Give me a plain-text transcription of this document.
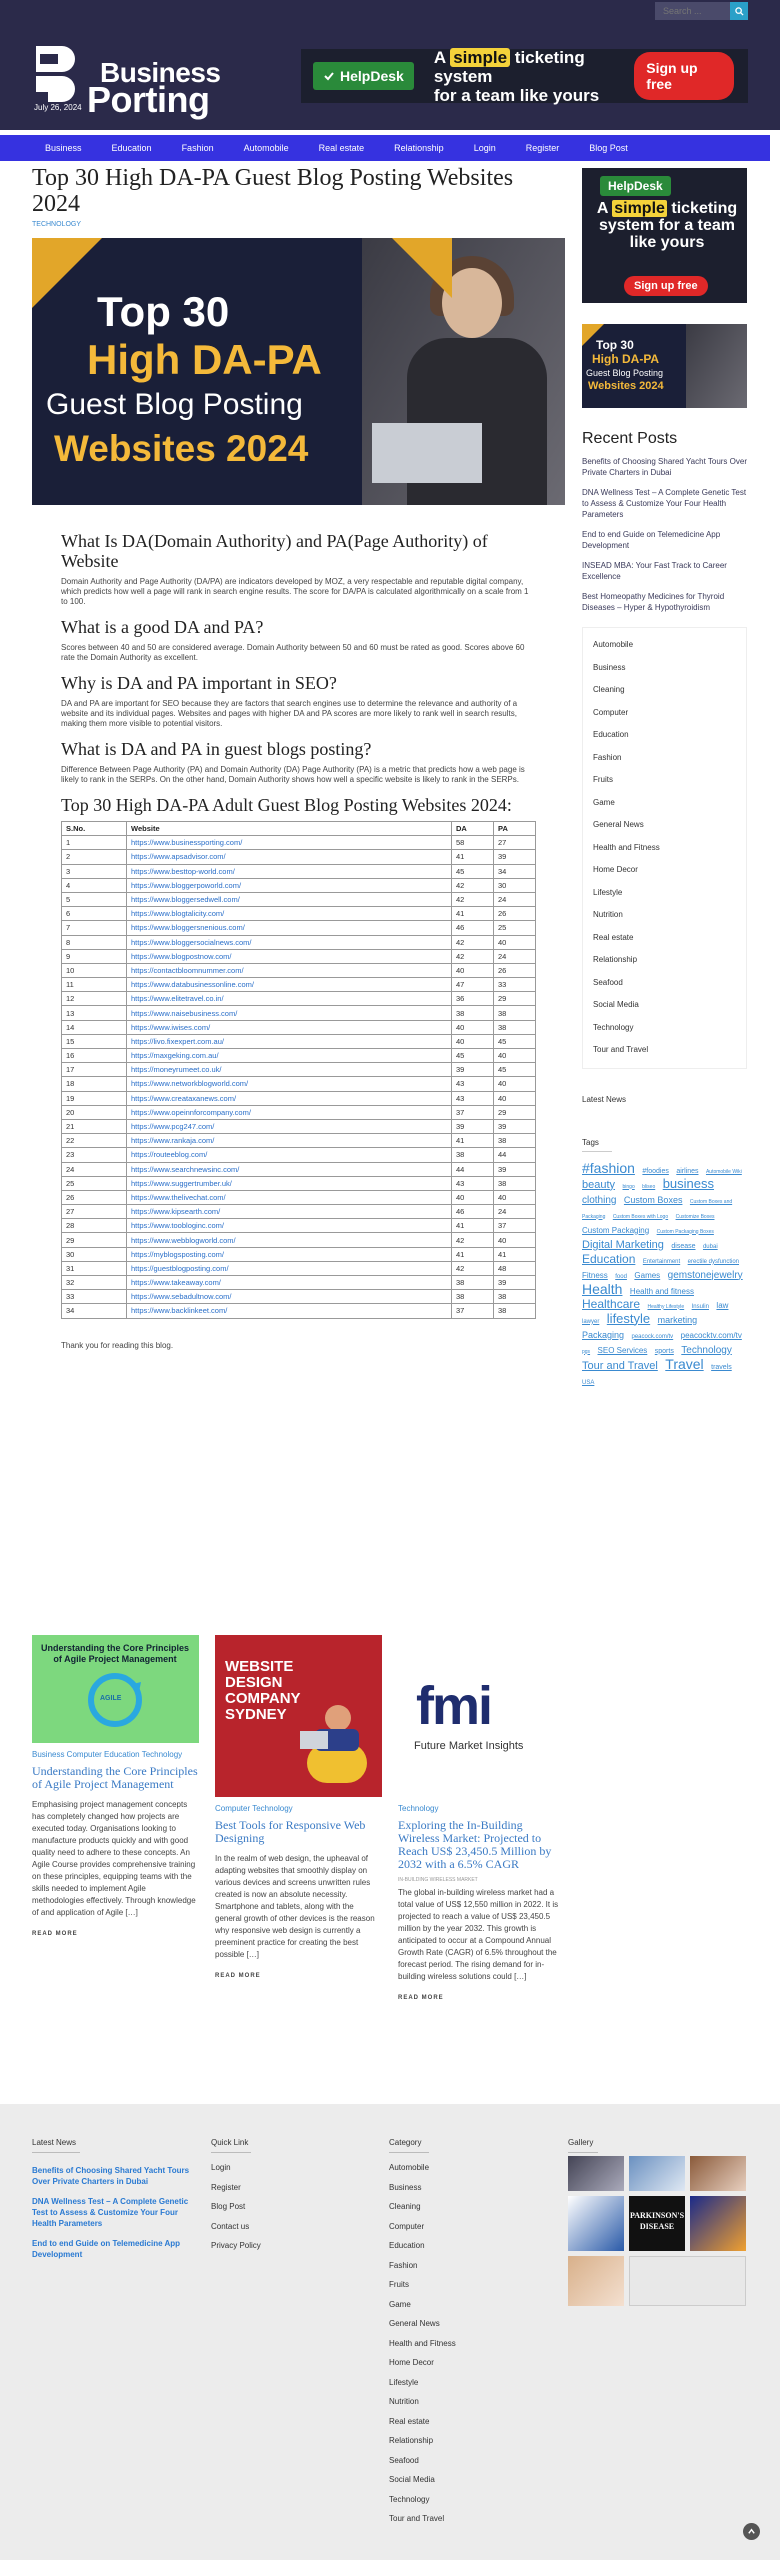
Search ...
Business
Porting
July 26, 2024
HelpDesk
A simple ticketing system
for a team like yours
Sign up free
Business	Education	Fashion	Automobile	Real estate	Relationship	Login	Register	Blog Post
Top 30 High DA-PA Guest Blog Posting Websites 2024
TECHNOLOGY
Top 30
High DA-PA
Guest Blog Posting
Websites 2024
What Is DA(Domain Authority) and PA(Page Authority) of Website

Domain Authority and Page Authority (DA/PA) are indicators developed by MOZ, a very respectable and reputable digital company, which predicts how well a page will rank in search engine results. The score for DA/PA is calculated algorithmically on a scale from 1 to 100.

What is a good DA and PA?

Scores between 40 and 50 are considered average. Domain Authority between 50 and 60 must be rated as good. Scores above 60 rate the Domain Authority as excellent.

Why is DA and PA important in SEO?

DA and PA are important for SEO because they are factors that search engines use to determine the relevance and authority of a website and its individual pages. Websites and pages with higher DA and PA scores are more likely to rank well in search results, making them more visible to potential visitors.

What is DA and PA in guest blogs posting?

Difference Between Page Authority (PA) and Domain Authority (DA) Page Authority (PA) is a metric that predicts how a web page is likely to rank in the SERPs. On the other hand, Domain Authority shows how well a specific website is likely to rank in the SERPs.

Top 30 High DA-PA Adult Guest Blog Posting Websites 2024:
S.No.	Website	DA	PA
1	https://www.businessporting.com/	58	27
2	https://www.apsadvisor.com/	41	39
3	https://www.besttop-world.com/	45	34
4	https://www.bloggerpoworld.com/	42	30
5	https://www.bloggersedwell.com/	42	24
6	https://www.blogtalicity.com/	41	26
7	https://www.bloggersnenious.com/	46	25
8	https://www.bloggersocialnews.com/	42	40
9	https://www.blogpostnow.com/	42	24
10	https://contactbloomnummer.com/	40	26
11	https://www.databusinessonline.com/	47	33
12	https://www.elitetravel.co.in/	36	29
13	https://www.naisebusiness.com/	38	38
14	https://www.iwises.com/	40	38
15	https://livo.fixexpert.com.au/	40	45
16	https://maxgeking.com.au/	45	40
17	https://moneyrumeet.co.uk/	39	45
18	https://www.networkblogworld.com/	43	40
19	https://www.creataxanews.com/	43	40
20	https://www.opeinnforcompany.com/	37	29
21	https://www.pcg247.com/	39	39
22	https://www.rankaja.com/	41	38
23	https://routeeblog.com/	38	44
24	https://www.searchnewsinc.com/	44	39
25	https://www.suggertrumber.uk/	43	38
26	https://www.thelivechat.com/	40	40
27	https://www.kipsearth.com/	46	24
28	https://www.toobloginc.com/	41	37
29	https://www.webblogworld.com/	42	40
30	https://myblogsposting.com/	41	41
31	https://guestblogposting.com/	42	48
32	https://www.takeaway.com/	38	39
33	https://www.sebadultnow.com/	38	38
34	https://www.backlinkeet.com/	37	38

Thank you for reading this blog.

Understanding the Core Principles of Agile Project Management
AGILE
Business Computer Education Technology
Understanding the Core Principles of Agile Project Management
Emphasising project management concepts has completely changed how projects are executed today. Organisations looking to manufacture products quickly and with good quality need to adhere to these concepts. An Agile Course provides comprehensive training on these principles, equipping teams with the skills needed to implement Agile methodologies effectively. Through knowledge of and application of Agile […]
READ MORE
WEBSITE DESIGN COMPANY SYDNEY
Computer Technology
Best Tools for Responsive Web Designing
In the realm of web design, the upheaval of adapting websites that smoothly display on various devices and screens unwritten rules created is now an absolute necessity. Smartphone and tablets, along with the general growth of other devices is the reason why responsive web design is currently a preeminent practice for creating the best possible […]
READ MORE
fmi
Future Market Insights
Technology
Exploring the In-Building Wireless Market: Projected to Reach US$ 23,450.5 Million by 2032 with a 6.5% CAGR
IN-BUILDING WIRELESS MARKET
The global in-building wireless market had a total value of US$ 12,550 million in 2022. It is projected to reach a value of US$ 23,450.5 million by the year 2032. This growth is anticipated to occur at a Compound Annual Growth Rate (CAGR) of 6.5% throughout the forecast period. The rising demand for in-building wireless solutions could […]
READ MORE
HelpDesk
A simple ticketing system for a team like yours
Sign up free
Top 30
High DA-PA
Guest Blog Posting
Websites 2024
Recent Posts
Benefits of Choosing Shared Yacht Tours Over Private Charters in Dubai
DNA Wellness Test – A Complete Genetic Test to Assess & Customize Your Four Health Parameters
End to end Guide on Telemedicine App Development
INSEAD MBA: Your Fast Track to Career Excellence
Best Homeopathy Medicines for Thyroid Diseases – Hyper & Hypothyroidism
Automobile
Business
Cleaning
Computer
Education
Fashion
Fruits
Game
General News
Health and Fitness
Home Decor
Lifestyle
Nutrition
Real estate
Relationship
Seafood
Social Media
Technology
Tour and Travel
Latest News
Tags
#fashion #foodies airlines Automobile Wiki beauty bingo bliseo business clothing Custom Boxes Custom Boxes and Packaging Custom Boxes with Logo Customize Boxes Custom Packaging Custom Packaging Boxes Digital Marketing disease dubai Education Entertainment erectile dysfunction Fitness food Games gemstonejewelry Health Health and fitness Healthcare Healthy Lifestyle Insulin law lawyer lifestyle marketing Packaging peacock.com/tv peacocktv.com/tv pgs SEO Services sports Technology Tour and Travel Travel travels USA
Latest News
Benefits of Choosing Shared Yacht Tours Over Private Charters in Dubai
DNA Wellness Test – A Complete Genetic Test to Assess & Customize Your Four Health Parameters
End to end Guide on Telemedicine App Development
Quick Link
Login
Register
Blog Post
Contact us
Privacy Policy
Category
Automobile
Business
Cleaning
Computer
Education
Fashion
Fruits
Game
General News
Health and Fitness
Home Decor
Lifestyle
Nutrition
Real estate
Relationship
Seafood
Social Media
Technology
Tour and Travel
Gallery
PARKINSON'S DISEASE
